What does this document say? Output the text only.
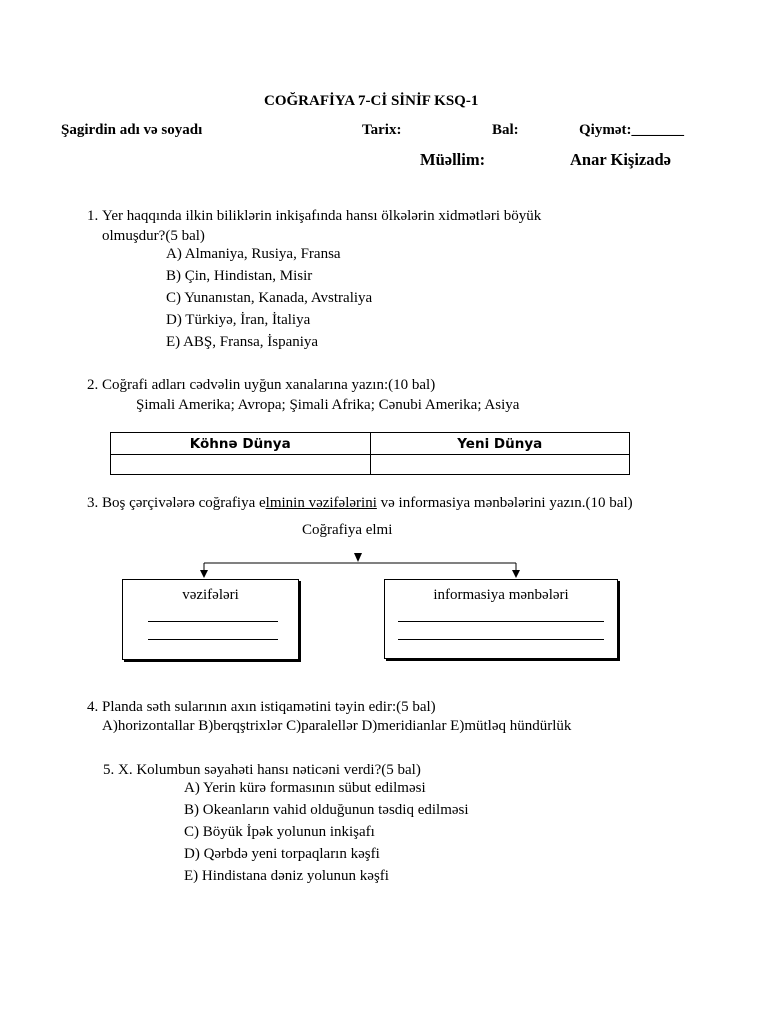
COĞRAFİYA 7-Cİ SİNİF KSQ-1
Şagirdin adı və soyadı	Tarix:	Bal:	Qiymət:_______
Müəllim:	Anar Kişizadə
1. Yer haqqında ilkin biliklərin inkişafında hansı ölkələrin xidmətləri böyük
olmuşdur?(5 bal)
A) Almaniya, Rusiya, Fransa
B) Çin, Hindistan, Misir
C) Yunanıstan, Kanada, Avstraliya
D) Türkiyə, İran, İtaliya
E) ABŞ, Fransa, İspaniya
2. Coğrafi adları cədvəlin uyğun xanalarına yazın:(10 bal)
Şimali Amerika; Avropa; Şimali Afrika; Cənubi Amerika; Asiya
Köhnə Dünya	Yeni Dünya

3. Boş çərçivələrə coğrafiya elminin vəzifələrini və informasiya mənbələrini yazın.(10 bal)
Coğrafiya elmi
vəzifələri	informasiya mənbələri
4. Planda səth sularının axın istiqamətini təyin edir:(5 bal)
A)horizontallar B)berqştrixlər C)paralellər D)meridianlar E)mütləq hündürlük
5. X. Kolumbun səyahəti hansı nəticəni verdi?(5 bal)
A) Yerin kürə formasının sübut edilməsi
B) Okeanların vahid olduğunun təsdiq edilməsi
C) Böyük İpək yolunun inkişafı
D) Qərbdə yeni torpaqların kəşfi
E) Hindistana dəniz yolunun kəşfi
